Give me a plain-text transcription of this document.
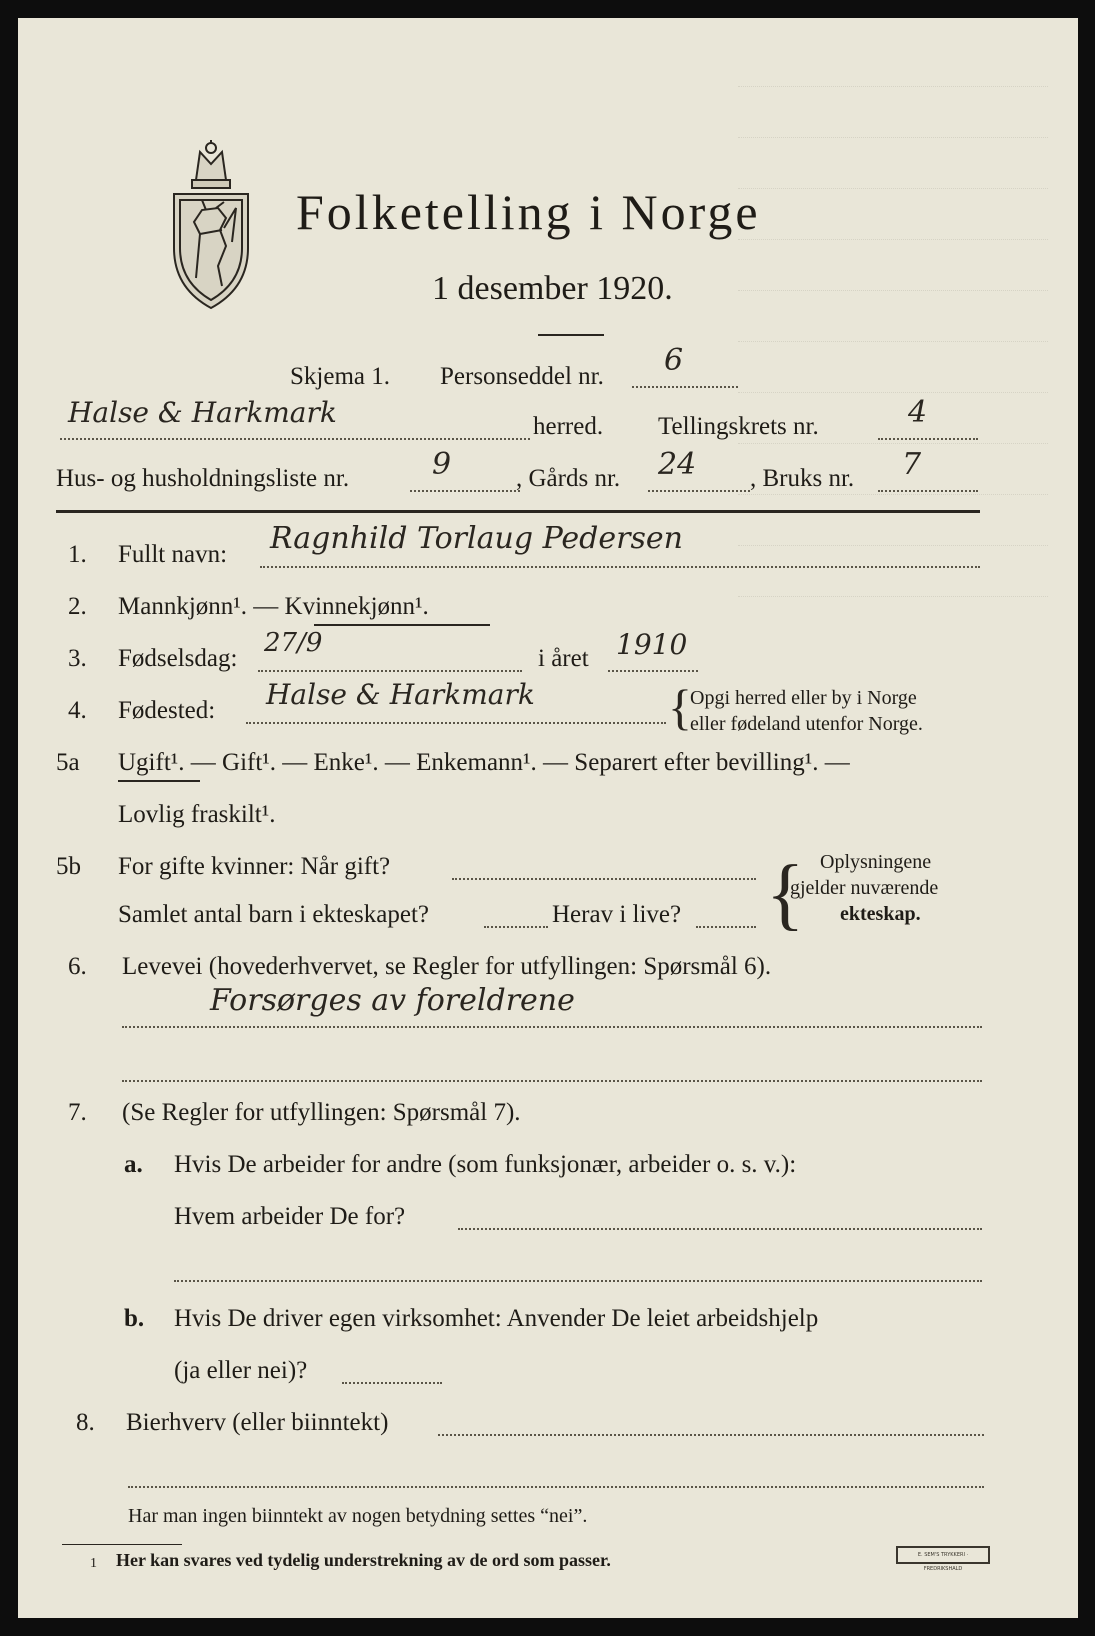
Folketelling i Norge
1 desember 1920.
Skjema 1. Personseddel nr. 6
Halse & Harkmark	herred. Tellingskrets nr.	4
Hus- og husholdningsliste nr.	9	, Gårds nr. 24 , Bruks nr. 7
1. Fullt navn: Ragnhild Torlaug Pedersen
2. Mannkjønn¹. — Kvinnekjønn¹.
3. Fødselsdag:
27/9
i året 1910
4. Fødested: Halse & Harkmark	{
Opgi herred eller by i Norge
eller fødeland utenfor Norge.
5a Ugift¹. — Gift¹. — Enke¹. — Enkemann¹. — Separert efter bevilling¹. —
Lovlig fraskilt¹.
5b For gifte kvinner: Når gift?
Samlet antal barn i ekteskapet?	Herav i live? { Oplysningene
gjelder nuværende
ekteskap.
6. Levevei (hovederhvervet, se Regler for utfyllingen: Spørsmål 6).
Forsørges av foreldrene
7. (Se Regler for utfyllingen: Spørsmål 7).
a. Hvis De arbeider for andre (som funksjonær, arbeider o. s. v.):
Hvem arbeider De for?
b. Hvis De driver egen virksomhet: Anvender De leiet arbeidshjelp
(ja eller nei)?
8. Bierhverv (eller biinntekt)
Har man ingen biinntekt av nogen betydning settes “nei”.
1 Her kan svares ved tydelig understrekning av de ord som passer.	E. SEM'S TRYKKERI · FREDRIKSHALD
